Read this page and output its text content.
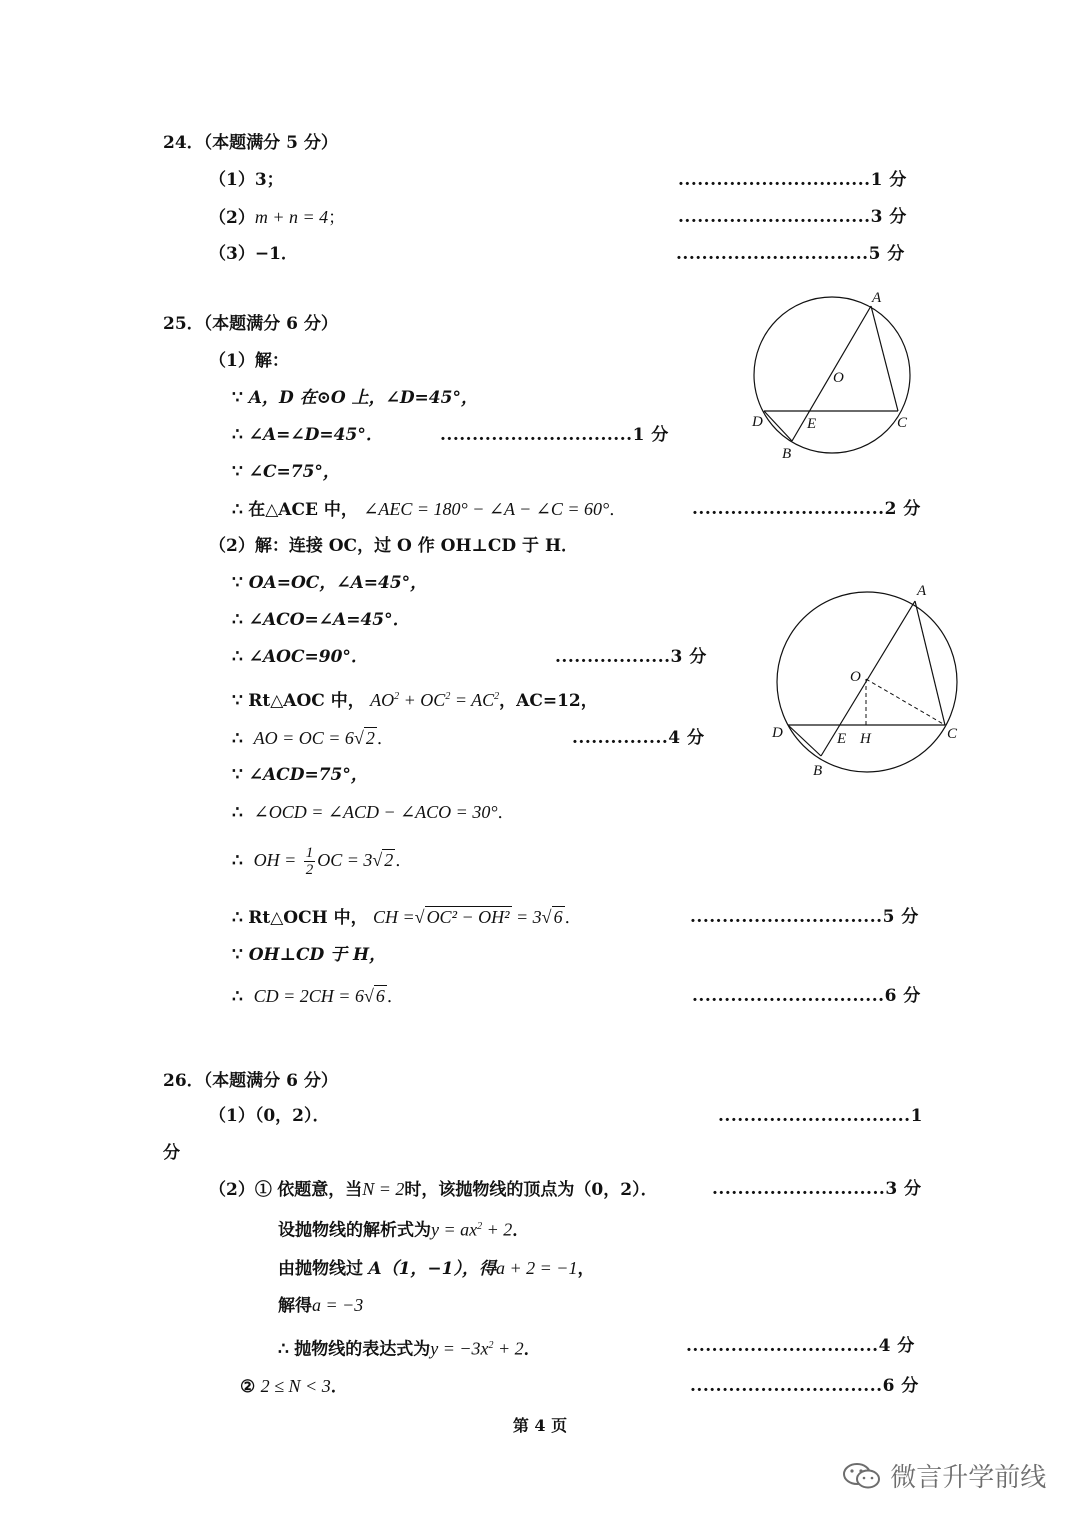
24．（本题满分 5 分）
（1）3；	..............................1 分
（2）m + n = 4；	..............................3 分
（3）−1．	..............................5 分
25．（本题满分 6 分）
（1）解：
∵ A，D 在⊙O 上，∠D=45°，
∴ ∠A=∠D=45°．	..............................1 分
∵ ∠C=75°，
∴ 在△ACE 中， ∠AEC = 180° − ∠A − ∠C = 60°．	..............................2 分
（2）解：连接 OC，过 O 作 OH⊥CD 于 H．
∵ OA=OC，∠A=45°，
∴ ∠ACO=∠A=45°．
∴ ∠AOC=90°．	..................3 分
∵ Rt△AOC 中， $AO^2 + OC^2 = AC^2$，AC=12，
∴ AO = OC = 6√ 2 ．	...............4 分
∵ ∠ACD=75°，
∴ ∠OCD = ∠ACD − ∠ACO = 30°．
∴ OH = $\frac{1}{2}$ OC = 3√ 2 ．
∴ Rt△OCH 中， CH =√ OC² − OH² = 3√ 6 ．	..............................5 分
∵ OH⊥CD 于 H，
∴ CD = 2CH = 6√ 6 ．	..............................6 分
A
O
D	E	C
B
A
O
D	E H	C
B
26．（本题满分 6 分）
（1）（0，2）．	..............................1
分
（2）① 依题意，当N = 2时，该抛物线的顶点为（0，2）．	...........................3 分
设抛物线的解析式为$y = ax^2 + 2$．
由抛物线过 A（1，−1），得a + 2 = −1，
解得a = −3
∴ 抛物线的表达式为$y = -3x^2 + 2$．	..............................4 分
② 2 ≤ N < 3．	..............................6 分
第 4 页
微言升学前线
